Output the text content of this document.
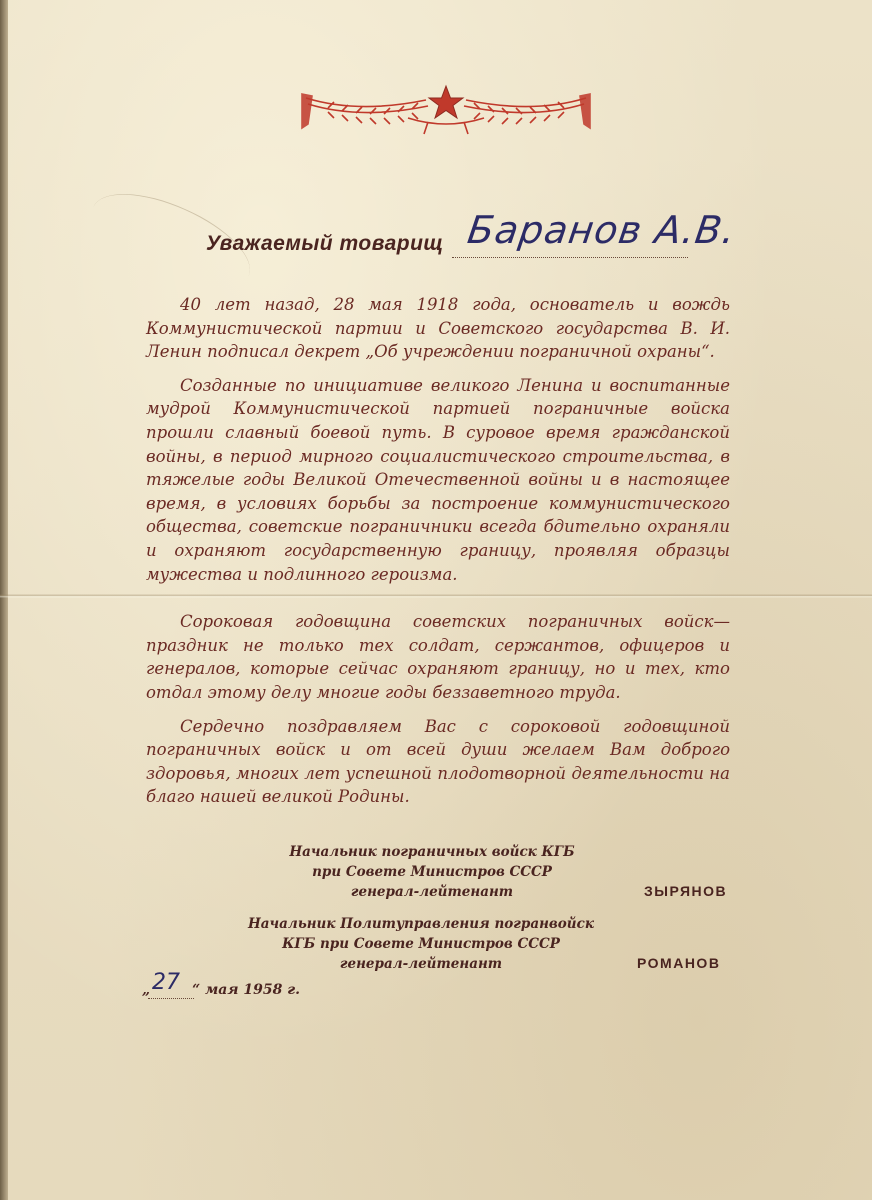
Уважаемый товарищ Баранов А.В.

40 лет назад, 28 мая 1918 года, основатель и вождь Коммунистической партии и Советского государства В. И. Ленин подписал декрет „Об учреждении пограничной охраны“.

Созданные по инициативе великого Ленина и воспитанные мудрой Коммунистической партией пограничные войска прошли славный боевой путь. В суровое время гражданской войны, в период мирного социалистического строительства, в тяжелые годы Великой Отечественной войны и в настоящее время, в условиях борьбы за построение коммунистического общества, советские пограничники всегда бдительно охраняли и охраняют государственную границу, проявляя образцы мужества и подлинного героизма.

Сороковая годовщина советских пограничных войск—праздник не только тех солдат, сержантов, офицеров и генералов, которые сейчас охраняют границу, но и тех, кто отдал этому делу многие годы беззаветного труда.

Сердечно поздравляем Вас с сороковой годовщиной пограничных войск и от всей души желаем Вам доброго здоровья, многих лет успешной плодотворной деятельности на благо нашей великой Родины.

Начальник пограничных войск КГБ
при Совете Министров СССР
генерал-лейтенант	ЗЫРЯНОВ
Начальник Политуправления погранвойск
КГБ при Совете Министров СССР
генерал-лейтенант	РОМАНОВ
„	“ мая 1958 г.
27
